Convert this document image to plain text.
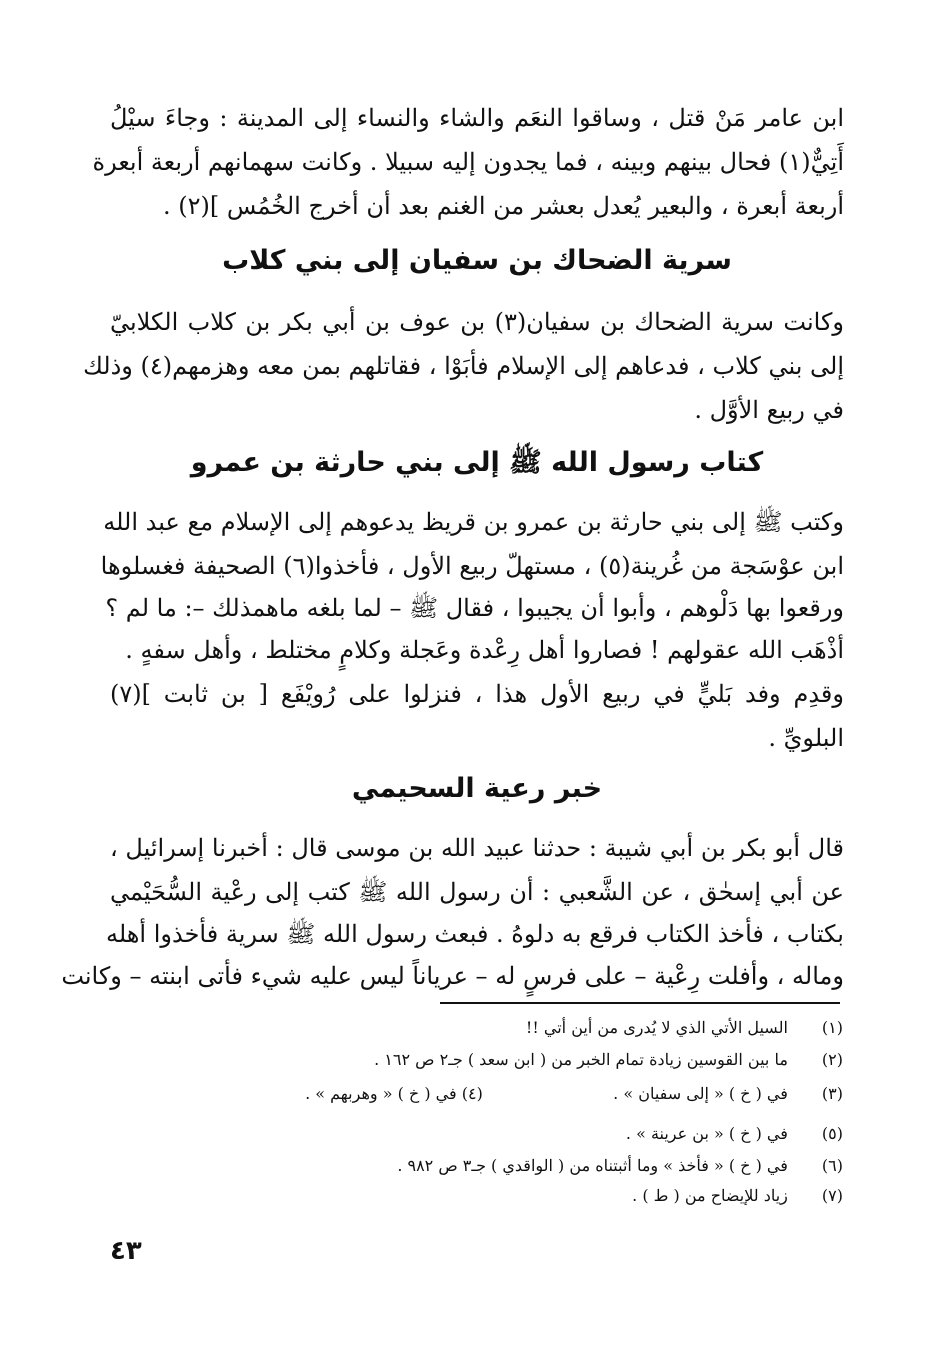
ابن عامر مَنْ قتل ، وساقوا النعَم والشاء والنساء إلى المدينة : وجاءَ سيْلُ
أَتِيٌّ(١) فحال بينهم وبينه ، فما يجدون إليه سبيلا . وكانت سهمانهم أربعة أبعرة
أربعة أبعرة ، والبعير يُعدل بعشر من الغنم بعد أن أخرج الخُمُس ](٢) .
سرية الضحاك بن سفيان إلى بني كلاب
وكانت سرية الضحاك بن سفيان(٣) بن عوف بن أبي بكر بن كلاب الكلابيّ
إلى بني كلاب ، فدعاهم إلى الإسلام فأبَوْا ، فقاتلهم بمن معه وهزمهم(٤) وذلك
في ربيع الأوَّل .
كتاب رسول الله ﷺ إلى بني حارثة بن عمرو
وكتب ﷺ إلى بني حارثة بن عمرو بن قريظ يدعوهم إلى الإسلام مع عبد الله
ابن عوْسَجة من غُرينة(٥) ، مستهلّ ربيع الأول ، فأخذوا(٦) الصحيفة فغسلوها
ورقعوا بها دَلْوهم ، وأبوا أن يجيبوا ، فقال ﷺ – لما بلغه ماهمذلك –: ما لم ؟
أذْهَب الله عقولهم ! فصاروا أهل رِعْدة وعَجلة وكلامٍ مختلط ، وأهل سفهٍ .
وقدِم وفد بَليٍّ في ربيع الأول هذا ، فنزلوا على رُويْفَع [ بن ثابت ](٧)
البلويِّ .
خبر رعية السحيمي
قال أبو بكر بن أبي شيبة : حدثنا عبيد الله بن موسى قال : أخبرنا إسرائيل ،
عن أبي إسحٰق ، عن الشَّعبي : أن رسول الله ﷺ كتب إلى رعْية السُّحَيْمي
بكتاب ، فأخذ الكتاب فرقع به دلوهُ . فبعث رسول الله ﷺ سرية فأخذوا أهله
وماله ، وأفلت رِعْية – على فرسٍ له – عرياناً ليس عليه شيء فأتى ابنته – وكانت
(١) السيل الأتي الذي لا يُدرى من أين أتي !!
(٢) ما بين القوسين زيادة تمام الخبر من ( ابن سعد ) جـ٢ ص ١٦٢ .
(٣) في ( خ ) « إلى سفيان » . (٤) في ( خ ) « وهربهم » .
(٥) في ( خ ) « بن عرينة » .
(٦) في ( خ ) « فأخذ » وما أثبتناه من ( الواقدي ) جـ٣ ص ٩٨٢ .
(٧) زياد للإيضاح من ( ط ) .
٤٣
